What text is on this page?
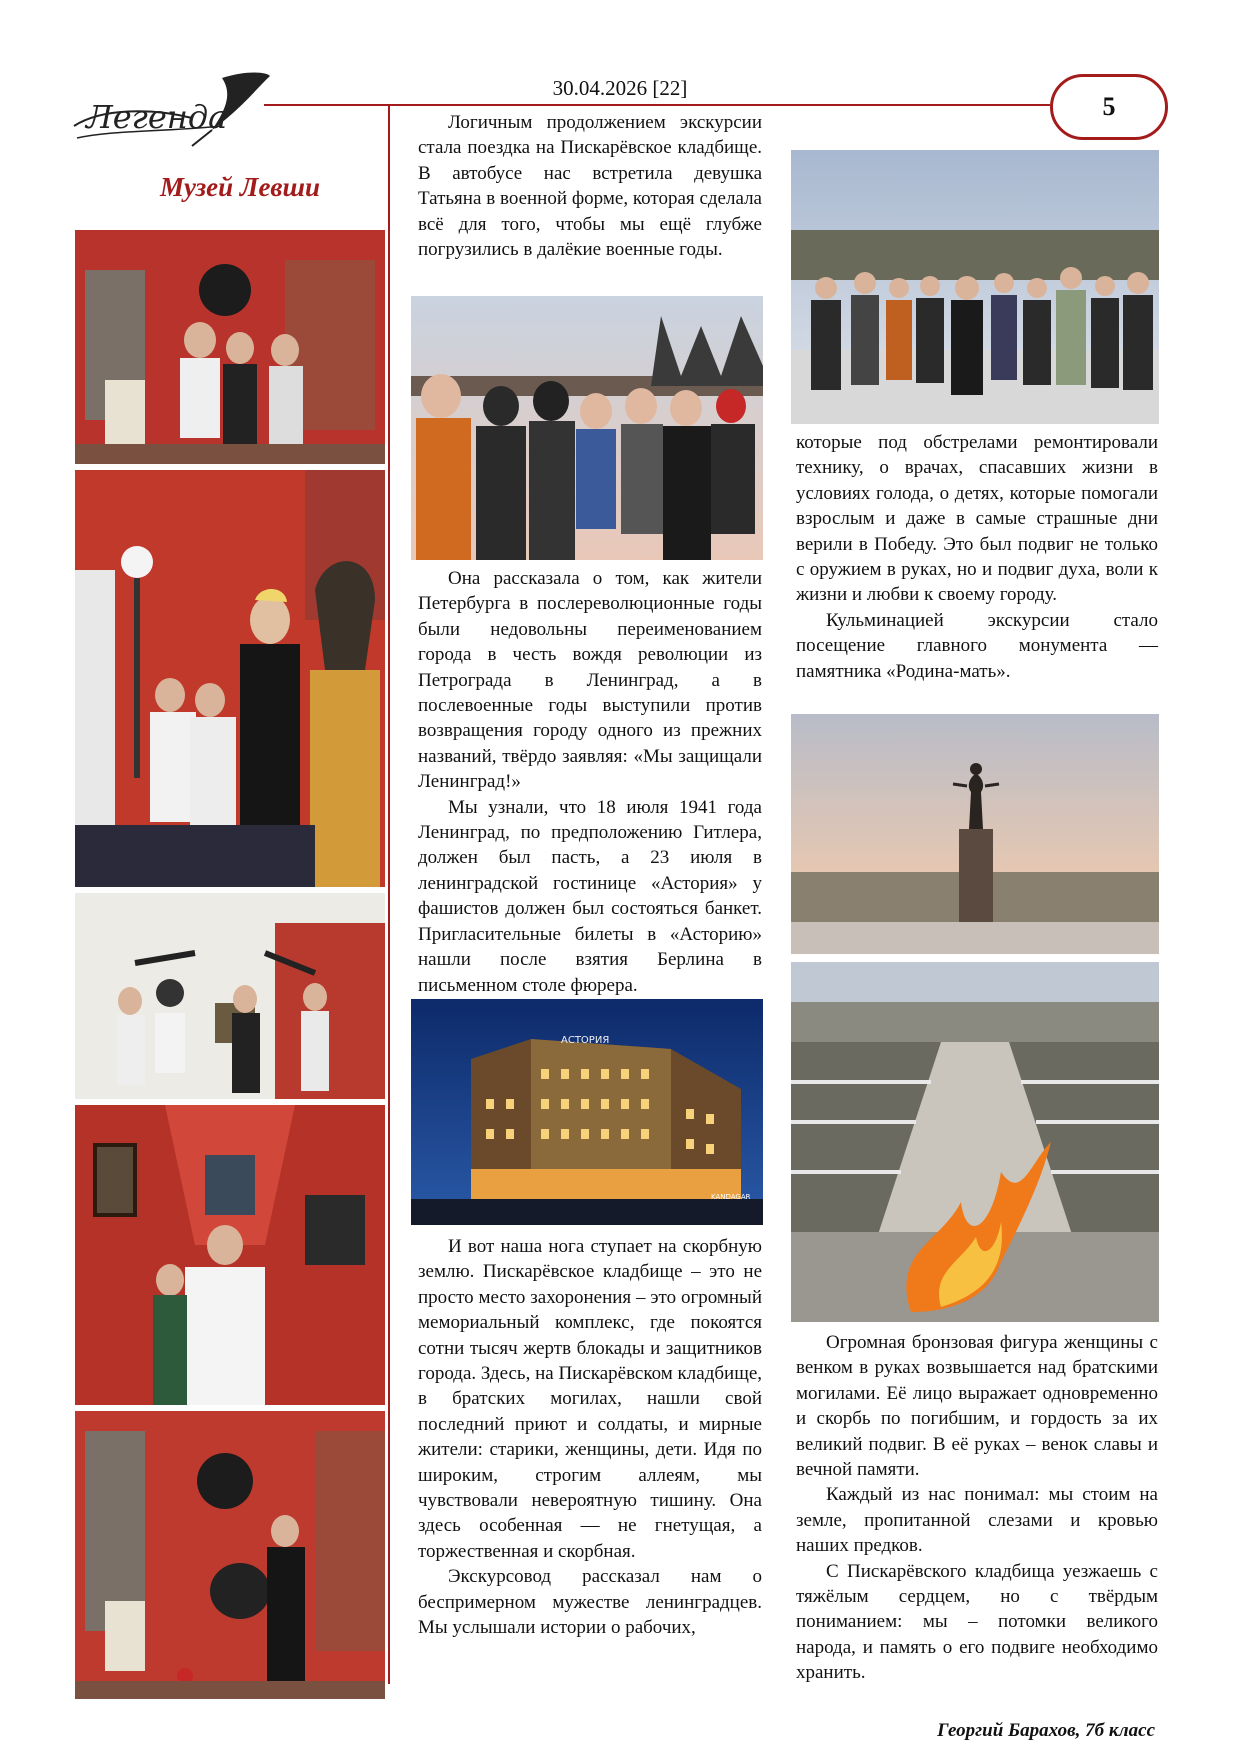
Легенда
30.04.2026 [22]
5
Музей Левши

Логичным продолжением экскурсии стала поездка на Пискарёвское кладбище. В автобусе нас встретила девушка Татьяна в военной форме, которая сделала всё для того, чтобы мы ещё глубже погрузились в далёкие военные годы.

Она рассказала о том, как жители Петербурга в послереволюционные годы были недовольны переименованием города в честь вождя революции из Петрограда в Ленинград, а в послевоенные годы выступили против возвращения городу одного из прежних названий, твёрдо заявляя: «Мы защищали Ленинград!»

Мы узнали, что 18 июля 1941 года Ленинград, по предположению Гитлера, должен был пасть, а 23 июля в ленинградской гостинице «Астория» у фашистов должен был состояться банкет. Пригласительные билеты в «Асторию» нашли после взятия Берлина в письменном столе фюрера.

АСТОРИЯ
KANDAGAR

И вот наша нога ступает на скорбную землю. Пискарёвское кладбище – это не просто место захоронения – это огромный мемориальный комплекс, где покоятся сотни тысяч жертв блокады и защитников города. Здесь, на Пискарёвском кладбище, в братских могилах, нашли свой последний приют и солдаты, и мирные жители: старики, женщины, дети. Идя по широким, строгим аллеям, мы чувствовали невероятную тишину. Она здесь особенная — не гнетущая, а торжественная и скорбная.

Экскурсовод рассказал нам о беспримерном мужестве ленинградцев. Мы услышали истории о рабочих,

которые под обстрелами ремонтировали технику, о врачах, спасавших жизни в условиях голода, о детях, которые помогали взрослым и даже в самые страшные дни верили в Победу. Это был подвиг не только с оружием в руках, но и подвиг духа, воли к жизни и любви к своему городу.

Кульминацией экскурсии стало посещение главного монумента — памятника «Родина-мать».

Огромная бронзовая фигура женщины с венком в руках возвышается над братскими могилами. Её лицо выражает одновременно и скорбь по погибшим, и гордость за их великий подвиг. В её руках – венок славы и вечной памяти.

Каждый из нас понимал: мы стоим на земле, пропитанной слезами и кровью наших предков.

С Пискарёвского кладбища уезжаешь с тяжёлым сердцем, но с твёрдым пониманием: мы – потомки великого народа, и память о его подвиге необходимо хранить.

Георгий Барахов, 7б класс
